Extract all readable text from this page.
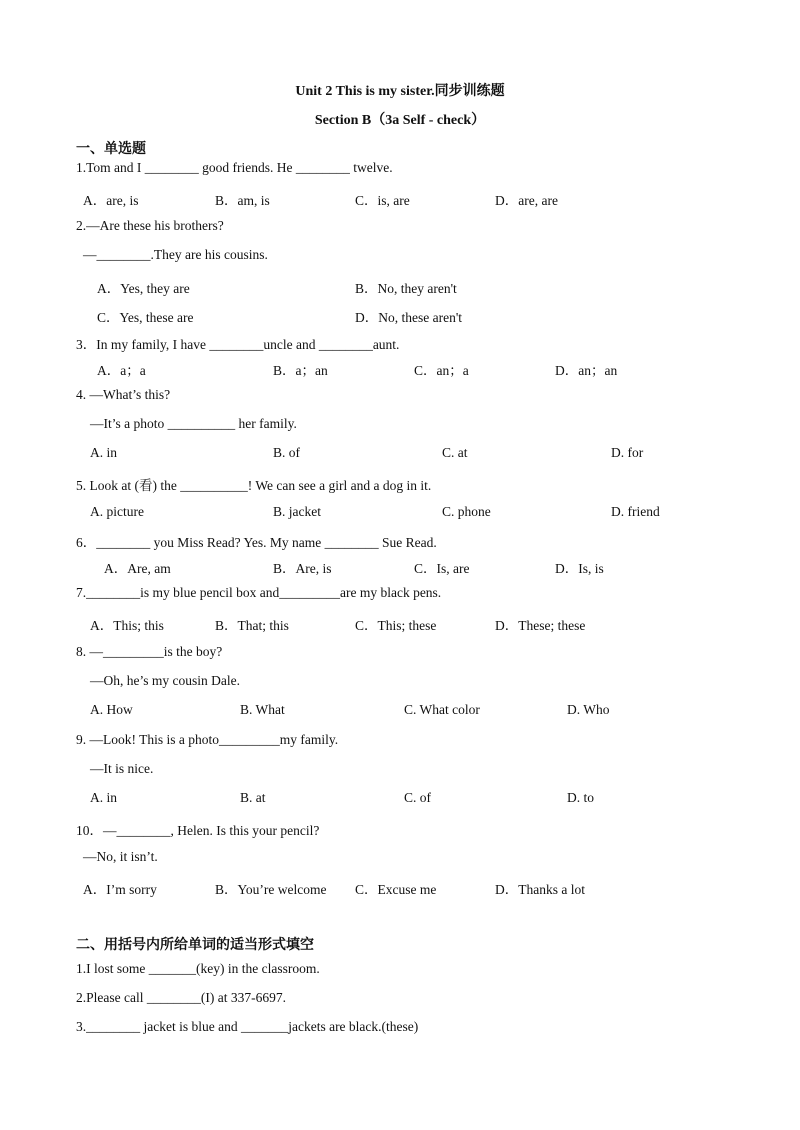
Unit 2 This is my sister.同步训练题
Section B（3a Self - check）
一、单选题
1.Tom and I ________ good friends. He ________ twelve.
A．are, is	B．am, is	C．is, are	D．are, are
2.—Are these his brothers?
—________.They are his cousins.
A．Yes, they are	B．No, they aren't
C．Yes, these are	D．No, these aren't
3．In my family, I have ________uncle and ________aunt.
A．a；a	B．a；an	C．an；a	D．an；an
4. —What’s this?
—It’s a photo __________ her family.
A. in	B. of	C. at	D. for
5. Look at (看) the __________! We can see a girl and a dog in it.
A. picture	B. jacket	C. phone	D. friend
6．________ you Miss Read? Yes. My name ________ Sue Read.
A．Are, am	B．Are, is	C．Is, are	D．Is, is
7.________is my blue pencil box and_________are my black pens.
A．This; this	B．That; this	C．This; these	D．These; these
8. —_________is the boy?
—Oh, he’s my cousin Dale.
A. How	B. What	C. What color	D. Who
9. —Look! This is a photo_________my family.
—It is nice.
A. in	B. at	C. of	D. to
10．—________, Helen. Is this your pencil?
—No, it isn’t.
A．I’m sorry	B．You’re welcome C．Excuse me	D．Thanks a lot
二、用括号内所给单词的适当形式填空
1.I lost some _______(key) in the classroom.
2.Please call ________(I) at 337-6697.
3.________ jacket is blue and _______jackets are black.(these)
